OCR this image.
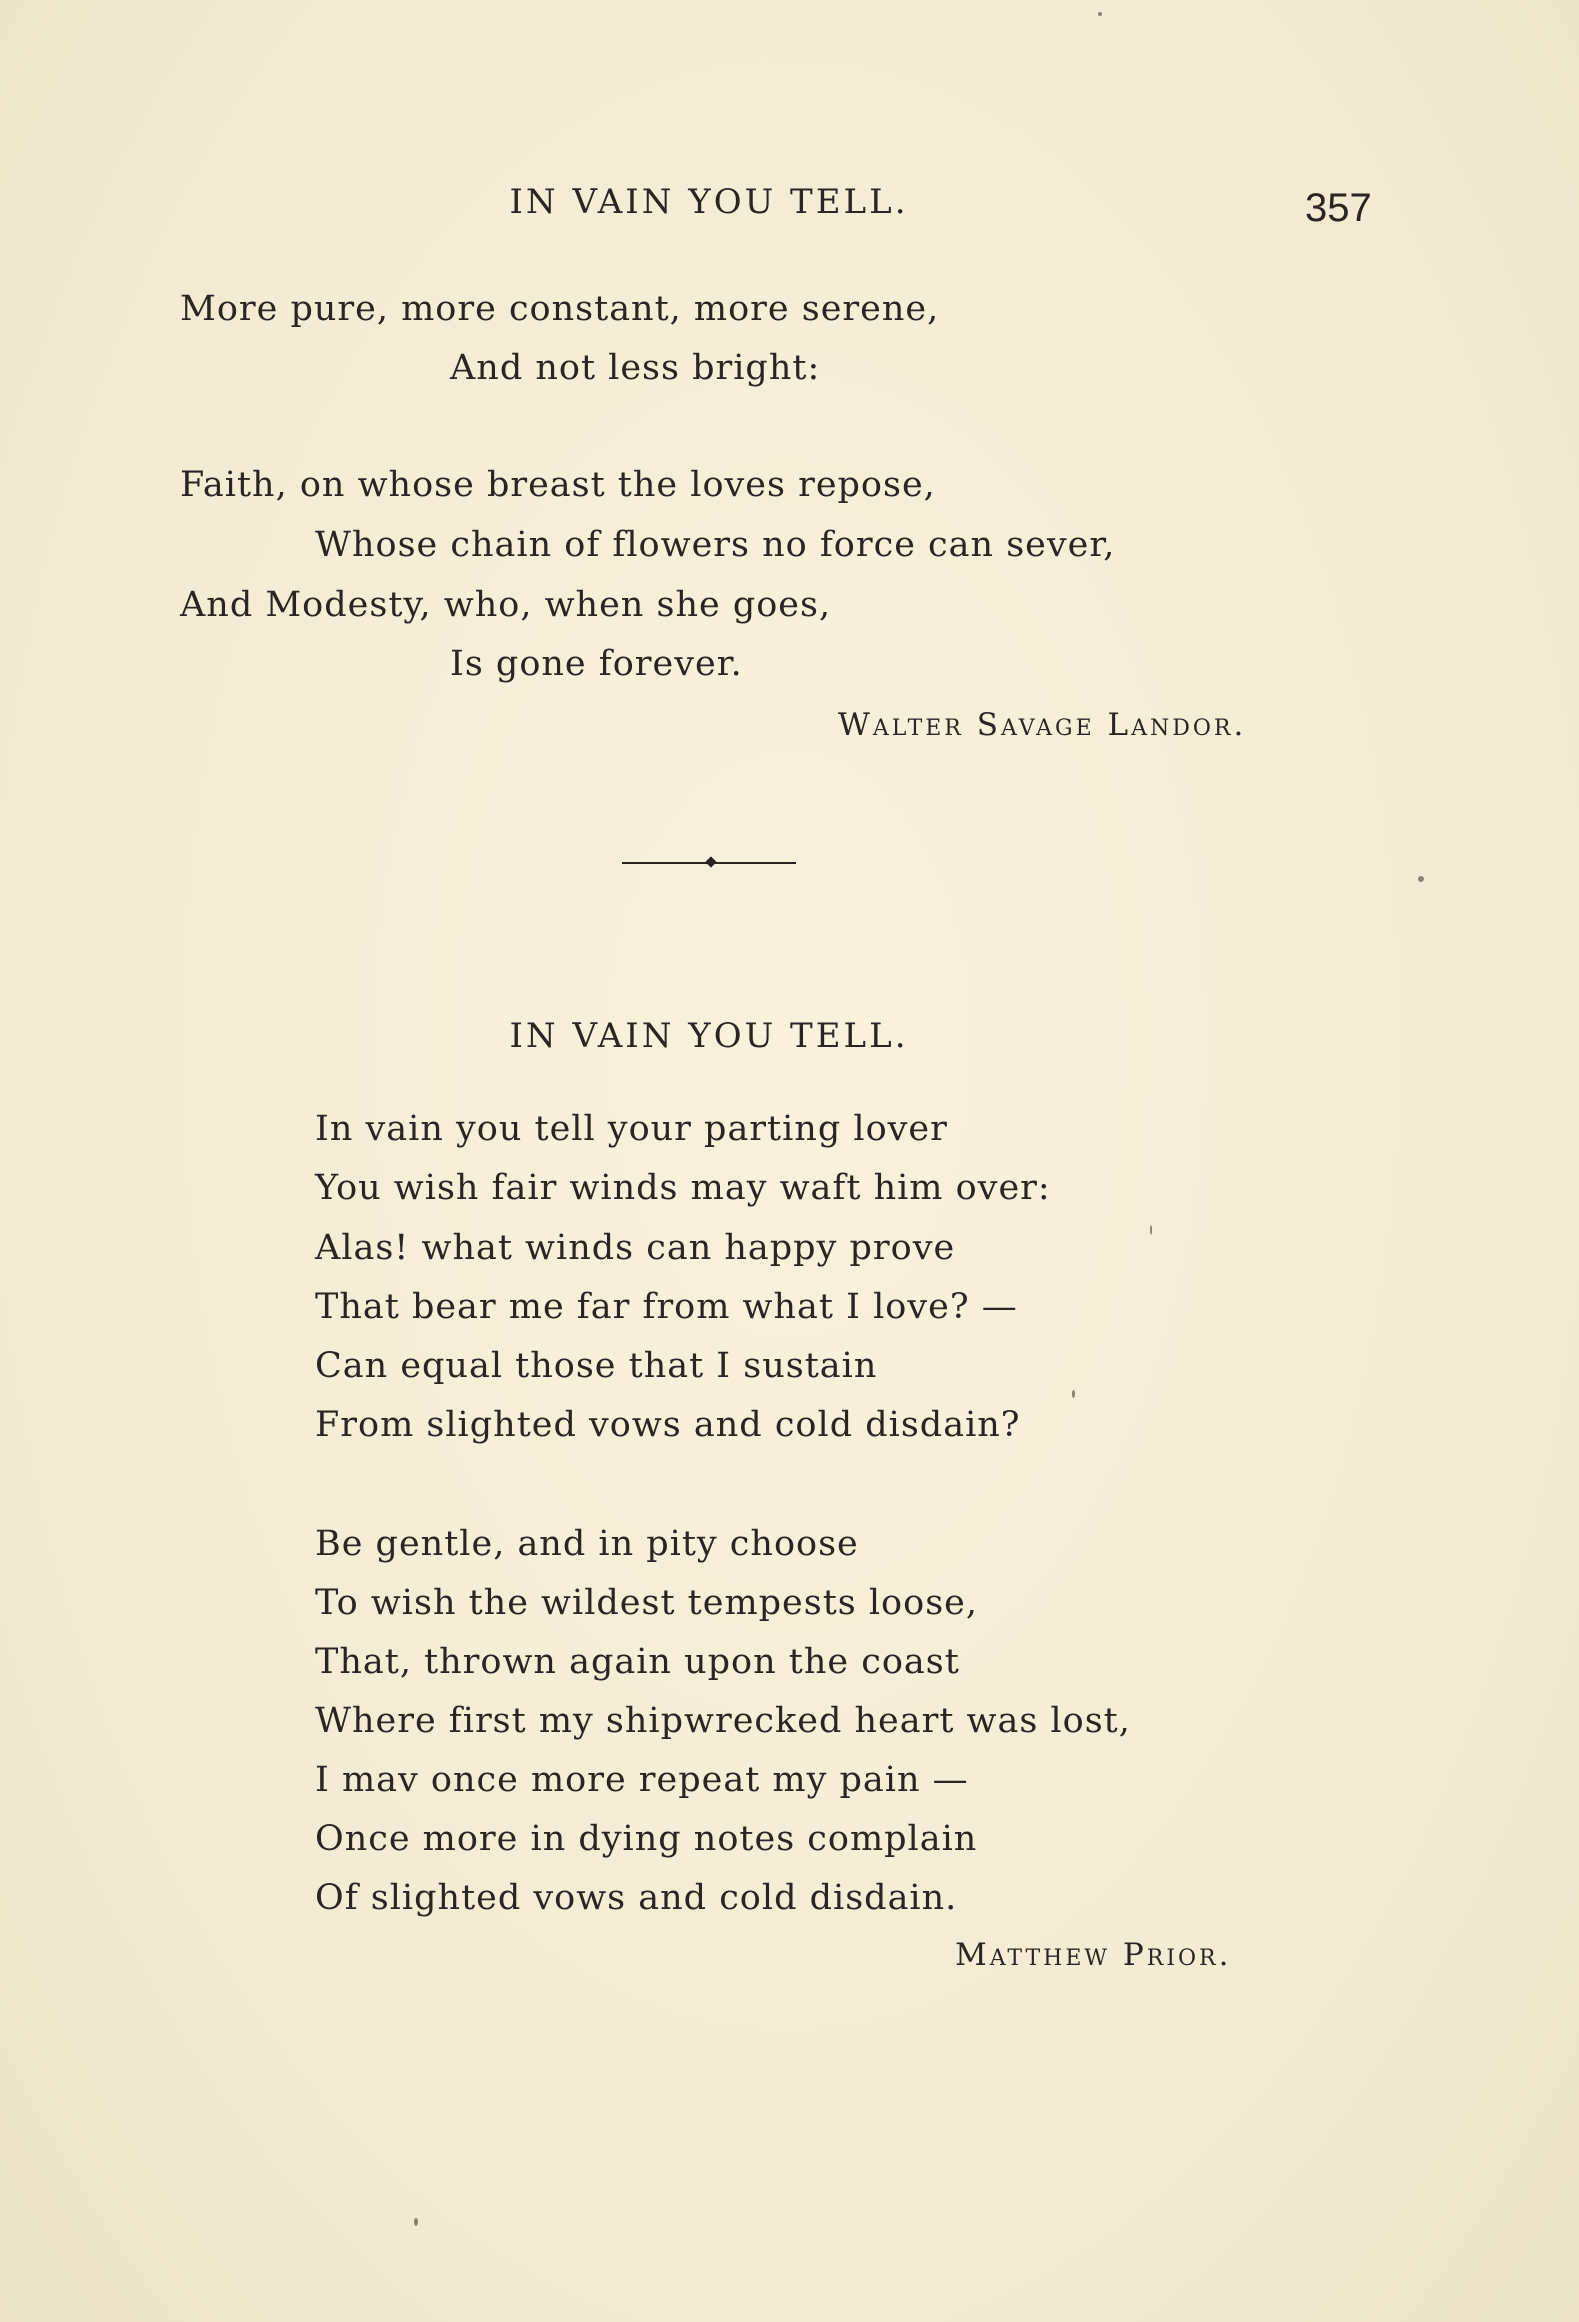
IN VAIN YOU TELL.	357
More pure, more constant, more serene,
And not less bright:
Faith, on whose breast the loves repose,
Whose chain of flowers no force can sever,
And Modesty, who, when she goes,
Is gone forever.
Walter Savage Landor.
IN VAIN YOU TELL.
In vain you tell your parting lover
You wish fair winds may waft him over:
Alas! what winds can happy prove
That bear me far from what I love? —
Can equal those that I sustain
From slighted vows and cold disdain?
Be gentle, and in pity choose
To wish the wildest tempests loose,
That, thrown again upon the coast
Where first my shipwrecked heart was lost,
I mav once more repeat my pain —
Once more in dying notes complain
Of slighted vows and cold disdain.
Matthew Prior.
